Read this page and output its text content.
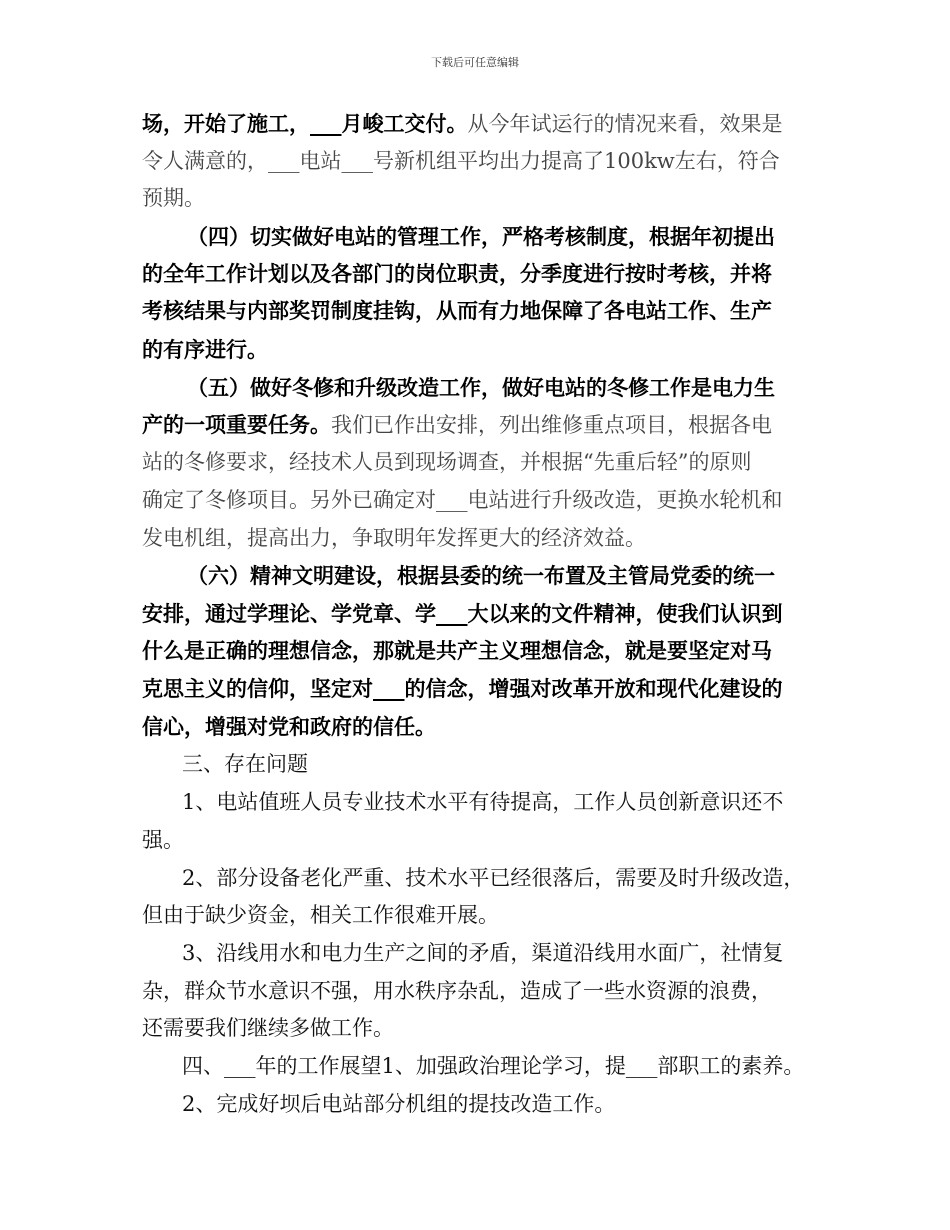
下载后可任意编辑
场，开始了施工，___月峻工交付。从今年试运行的情况来看，效果是
令人满意的，___电站___号新机组平均出力提高了100kw左右，符合
预期。
（四）切实做好电站的管理工作，严格考核制度，根据年初提出
的全年工作计划以及各部门的岗位职责，分季度进行按时考核，并将
考核结果与内部奖罚制度挂钩，从而有力地保障了各电站工作、生产
的有序进行。
（五）做好冬修和升级改造工作，做好电站的冬修工作是电力生
产的一项重要任务。我们已作出安排，列出维修重点项目，根据各电
站的冬修要求，经技术人员到现场调查，并根据“先重后轻”的原则
确定了冬修项目。另外已确定对___电站进行升级改造，更换水轮机和
发电机组，提高出力，争取明年发挥更大的经济效益。
（六）精神文明建设，根据县委的统一布置及主管局党委的统一
安排，通过学理论、学党章、学___大以来的文件精神，使我们认识到
什么是正确的理想信念，那就是共产主义理想信念，就是要坚定对马
克思主义的信仰，坚定对___的信念，增强对改革开放和现代化建设的
信心，增强对党和政府的信任。
三、存在问题
1、电站值班人员专业技术水平有待提高，工作人员创新意识还不
强。
2、部分设备老化严重、技术水平已经很落后，需要及时升级改造，
但由于缺少资金，相关工作很难开展。
3、沿线用水和电力生产之间的矛盾，渠道沿线用水面广，社情复
杂，群众节水意识不强，用水秩序杂乱，造成了一些水资源的浪费，
还需要我们继续多做工作。
四、___年的工作展望1、加强政治理论学习，提___部职工的素养。
2、完成好坝后电站部分机组的提技改造工作。
